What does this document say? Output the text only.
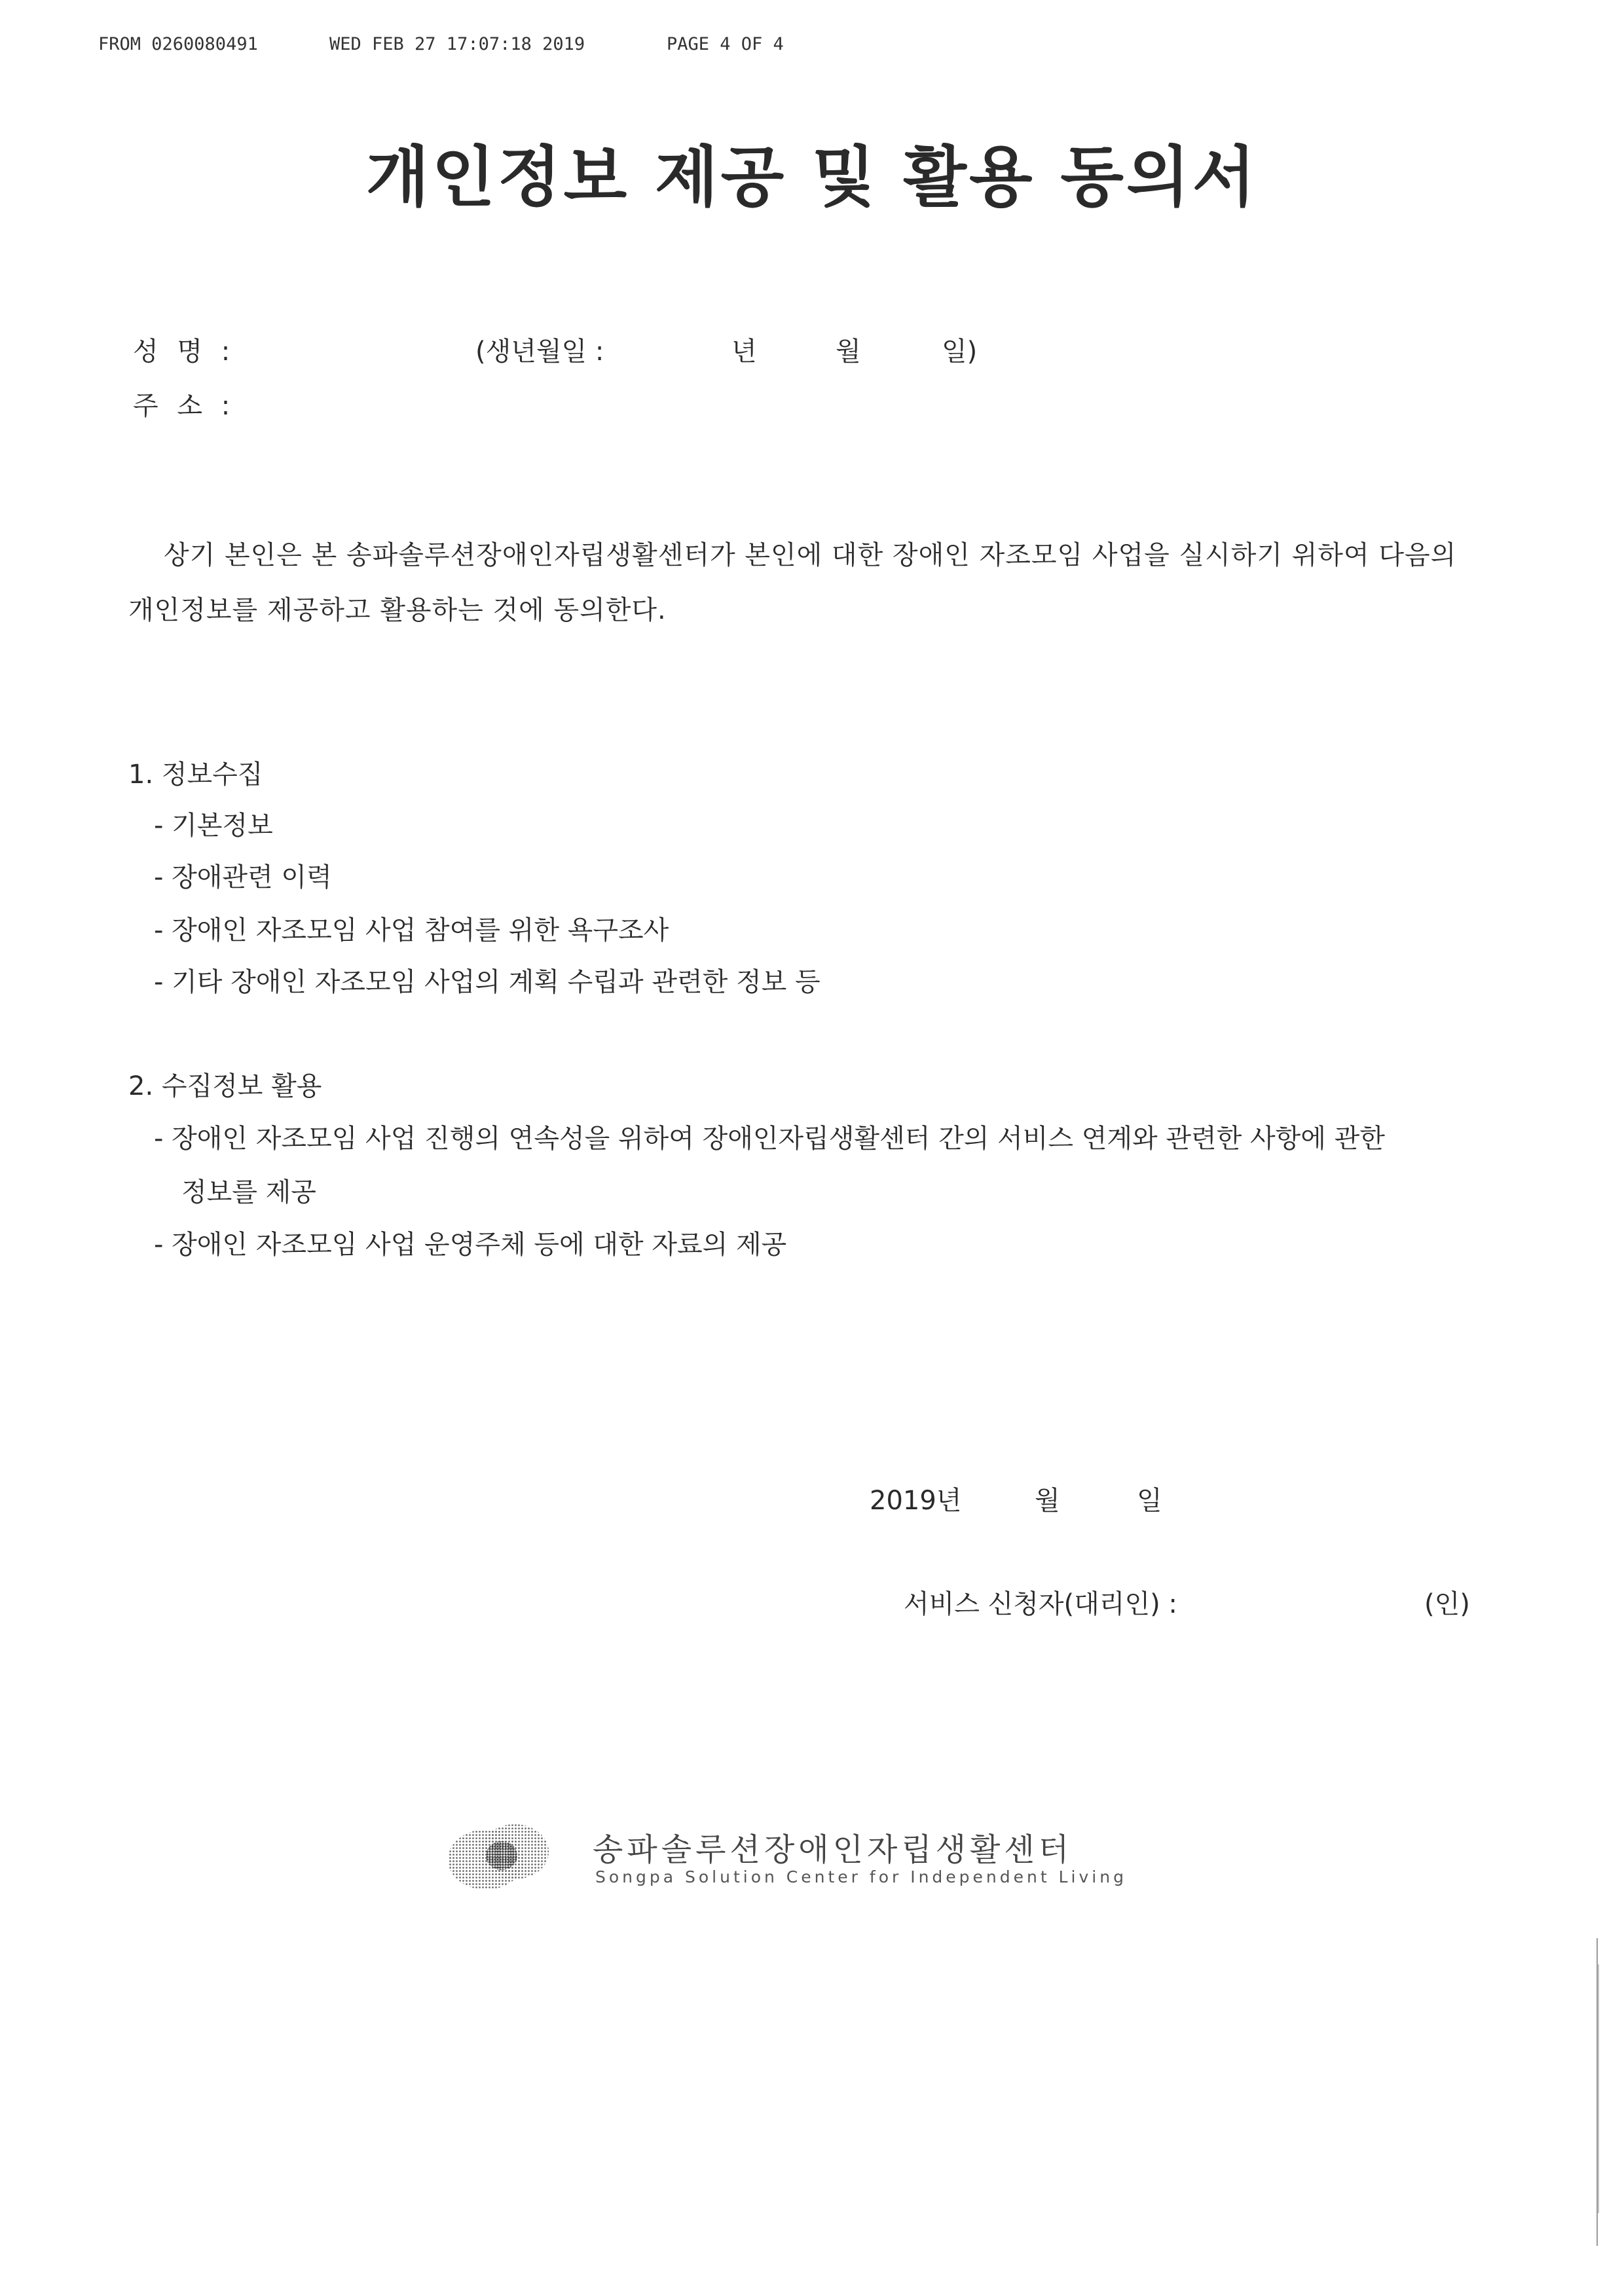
FROM 0260080491	WED FEB 27 17:07:18 2019	PAGE 4 OF 4
개인정보 제공 및 활용 동의서
성 명 :	(생년월일 :	년	월	일)
주 소 :
상기 본인은 본 송파솔루션장애인자립생활센터가 본인에 대한 장애인 자조모임 사업을 실시하기 위하여 다음의 개인정보를 제공하고 활용하는 것에 동의한다.
1. 정보수집
- 기본정보
- 장애관련 이력
- 장애인 자조모임 사업 참여를 위한 욕구조사
- 기타 장애인 자조모임 사업의 계획 수립과 관련한 정보 등
2. 수집정보 활용
- 장애인 자조모임 사업 진행의 연속성을 위하여 장애인자립생활센터 간의 서비스 연계와 관련한 사항에 관한
정보를 제공
- 장애인 자조모임 사업 운영주체 등에 대한 자료의 제공
2019년	월	일
서비스 신청자(대리인) :	(인)
송파솔루션장애인자립생활센터
Songpa Solution Center for Independent Living
